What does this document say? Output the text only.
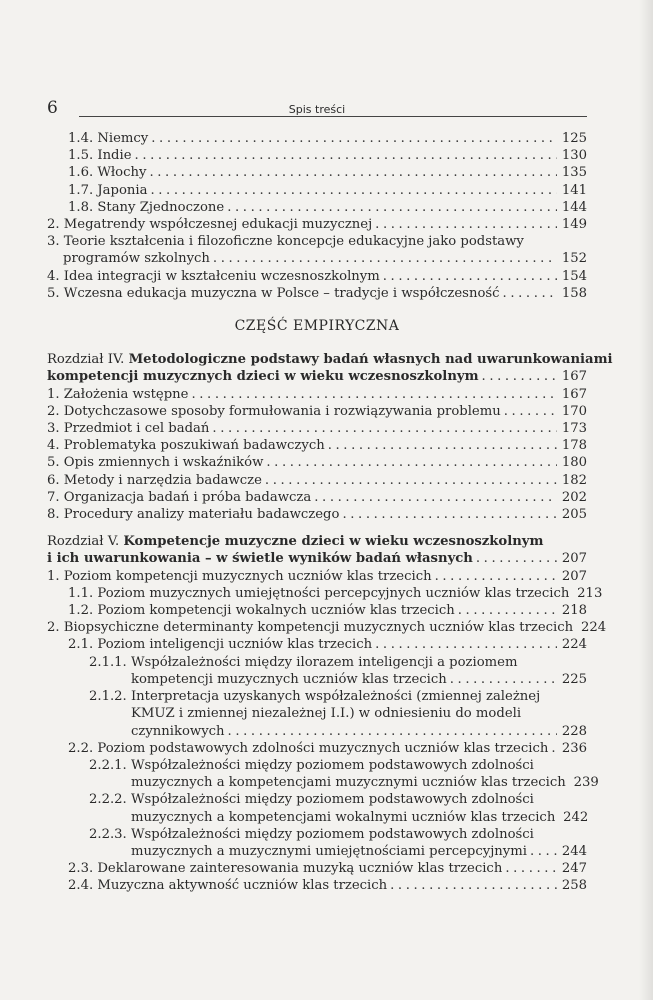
6	Spis treści
1.4. Niemcy .....	125
1.5. Indie .....	130
1.6. Włochy .....	135
1.7. Japonia .....	141
1.8. Stany Zjednoczone .....	144
2. Megatrendy współczesnej edukacji muzycznej .....	149
3. Teorie kształcenia i filozoficzne koncepcje edukacyjne jako podstawy
programów szkolnych .....	152
4. Idea integracji w kształceniu wczesnoszkolnym .....	154
5. Wczesna edukacja muzyczna w Polsce – tradycje i współczesność .....	158
CZĘŚĆ EMPIRYCZNA
Rozdział IV. Metodologiczne podstawy badań własnych nad uwarunkowaniami
kompetencji muzycznych dzieci w wieku wczesnoszkolnym .....	167
1. Założenia wstępne .....	167
2. Dotychczasowe sposoby formułowania i rozwiązywania problemu .....	170
3. Przedmiot i cel badań .....	173
4. Problematyka poszukiwań badawczych .....	178
5. Opis zmiennych i wskaźników .....	180
6. Metody i narzędzia badawcze .....	182
7. Organizacja badań i próba badawcza .....	202
8. Procedury analizy materiału badawczego .....	205
Rozdział V. Kompetencje muzyczne dzieci w wieku wczesnoszkolnym
i ich uwarunkowania – w świetle wyników badań własnych .....	207
1. Poziom kompetencji muzycznych uczniów klas trzecich .....	207
1.1. Poziom muzycznych umiejętności percepcyjnych uczniów klas trzecich ..... 213
1.2. Poziom kompetencji wokalnych uczniów klas trzecich .....	218
2. Biopsychiczne determinanty kompetencji muzycznych uczniów klas trzecich ..... 224
2.1. Poziom inteligencji uczniów klas trzecich .....	224
2.1.1. Współzależności między ilorazem inteligencji a poziomem
kompetencji muzycznych uczniów klas trzecich .....	225
2.1.2. Interpretacja uzyskanych współzależności (zmiennej zależnej
KMUZ i zmiennej niezależnej I.I.) w odniesieniu do modeli
czynnikowych .....	228
2.2. Poziom podstawowych zdolności muzycznych uczniów klas trzecich .....	236
2.2.1. Współzależności między poziomem podstawowych zdolności
muzycznych a kompetencjami muzycznymi uczniów klas trzecich ..... 239
2.2.2. Współzależności między poziomem podstawowych zdolności
muzycznych a kompetencjami wokalnymi uczniów klas trzecich ..... 242
2.2.3. Współzależności między poziomem podstawowych zdolności
muzycznych a muzycznymi umiejętnościami percepcyjnymi .....	244
2.3. Deklarowane zainteresowania muzyką uczniów klas trzecich .....	247
2.4. Muzyczna aktywność uczniów klas trzecich .....	258
